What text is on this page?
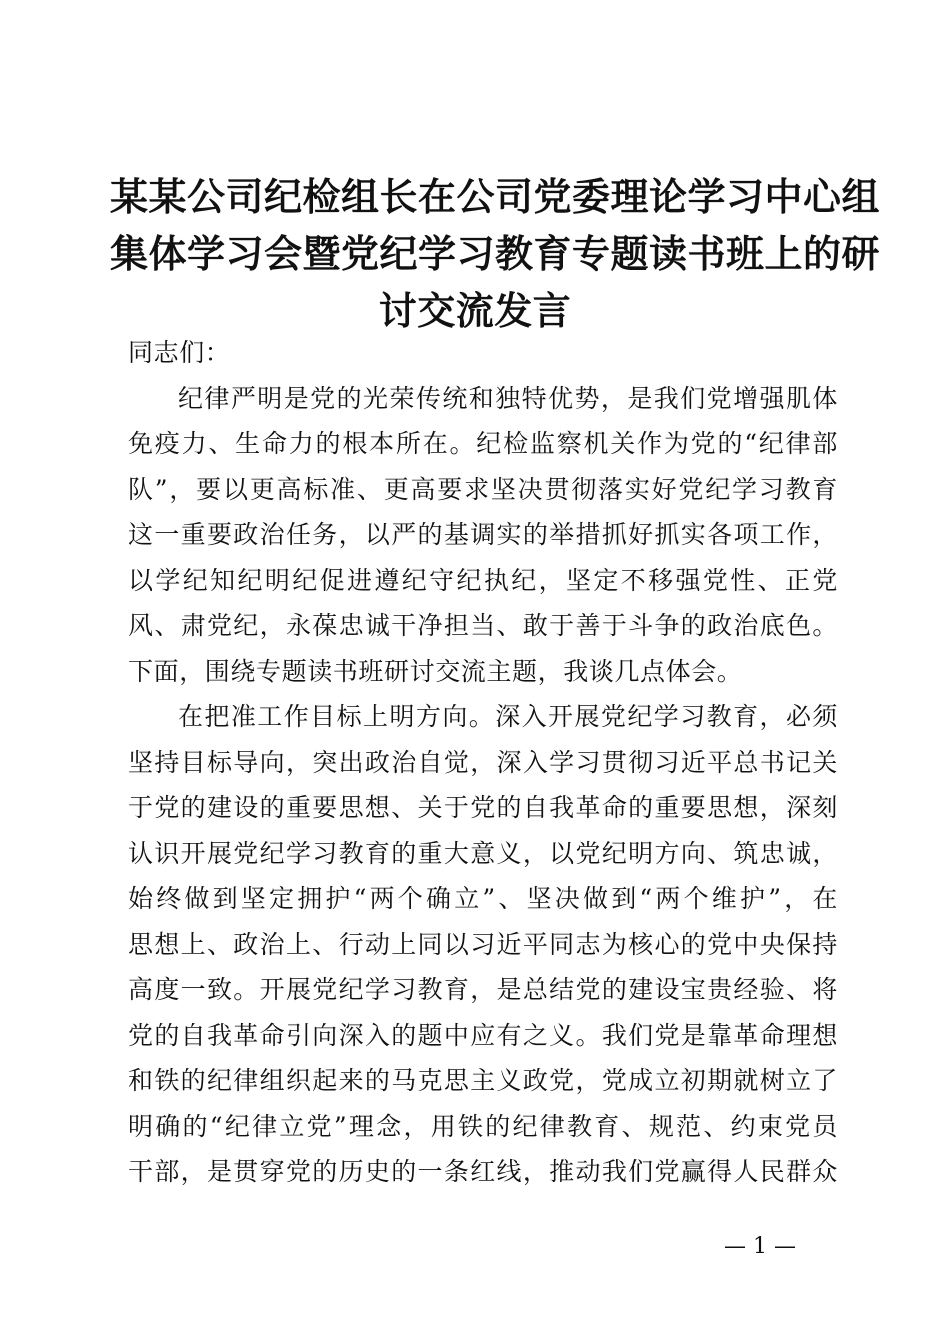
某某公司纪检组长在公司党委理论学习中心组
集体学习会暨党纪学习教育专题读书班上的研
讨交流发言
同志们：
纪律严明是党的光荣传统和独特优势，是我们党增强肌体
免疫力、生命力的根本所在。纪检监察机关作为党的“纪律部
队”，要以更高标准、更高要求坚决贯彻落实好党纪学习教育
这一重要政治任务，以严的基调实的举措抓好抓实各项工作，
以学纪知纪明纪促进遵纪守纪执纪，坚定不移强党性、正党
风、肃党纪，永葆忠诚干净担当、敢于善于斗争的政治底色。
下面，围绕专题读书班研讨交流主题，我谈几点体会。
在把准工作目标上明方向。深入开展党纪学习教育，必须
坚持目标导向，突出政治自觉，深入学习贯彻习近平总书记关
于党的建设的重要思想、关于党的自我革命的重要思想，深刻
认识开展党纪学习教育的重大意义，以党纪明方向、筑忠诚，
始终做到坚定拥护“两个确立”、坚决做到“两个维护”，在
思想上、政治上、行动上同以习近平同志为核心的党中央保持
高度一致。开展党纪学习教育，是总结党的建设宝贵经验、将
党的自我革命引向深入的题中应有之义。我们党是靠革命理想
和铁的纪律组织起来的马克思主义政党，党成立初期就树立了
明确的“纪律立党”理念，用铁的纪律教育、规范、约束党员
干部，是贯穿党的历史的一条红线，推动我们党赢得人民群众
— 1 —
